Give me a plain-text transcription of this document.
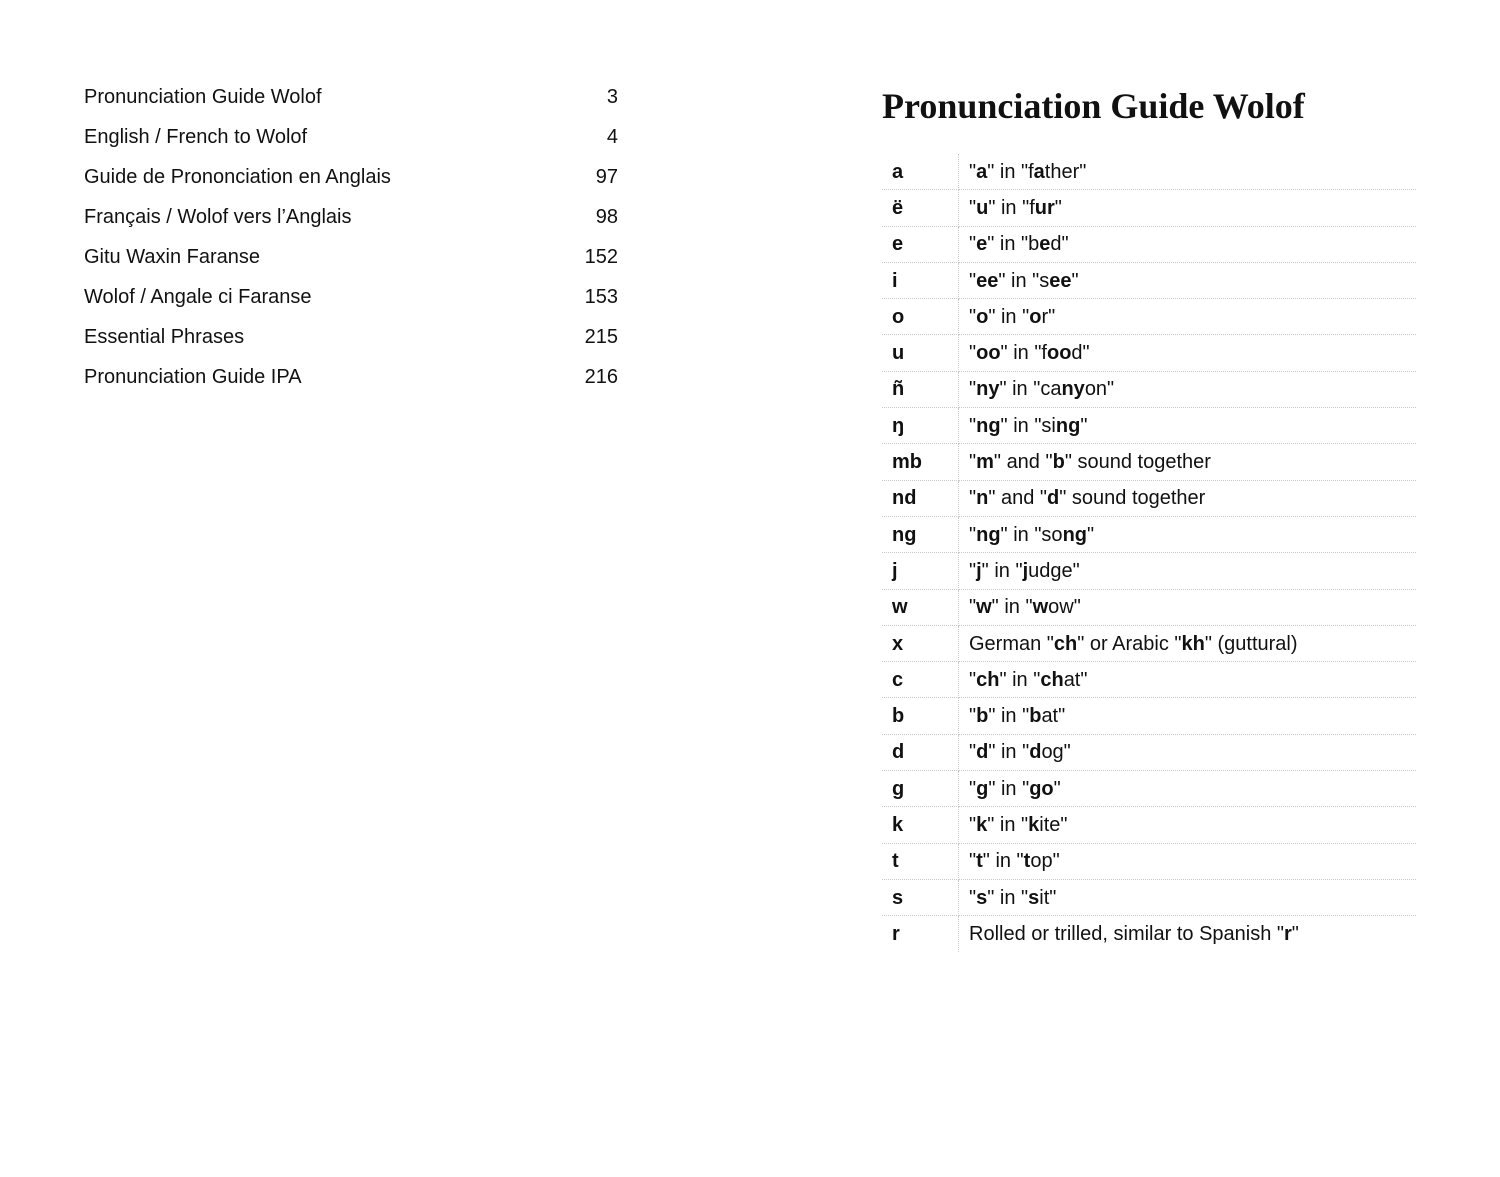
Pronunciation Guide Wolof	3
English / French to Wolof	4
Guide de Prononciation en Anglais	97
Français / Wolof vers l’Anglais	98
Gitu Waxin Faranse	152
Wolof / Angale ci Faranse	153
Essential Phrases	215
Pronunciation Guide IPA	216
Pronunciation Guide Wolof
a	"a" in "father"
ë	"u" in "fur"
e	"e" in "bed"
i	"ee" in "see"
o	"o" in "or"
u	"oo" in "food"
ñ	"ny" in "canyon"
ŋ	"ng" in "sing"
mb	"m" and "b" sound together
nd	"n" and "d" sound together
ng	"ng" in "song"
j	"j" in "judge"
w	"w" in "wow"
x	German "ch" or Arabic "kh" (guttural)
c	"ch" in "chat"
b	"b" in "bat"
d	"d" in "dog"
g	"g" in "go"
k	"k" in "kite"
t	"t" in "top"
s	"s" in "sit"
r	Rolled or trilled, similar to Spanish "r"
